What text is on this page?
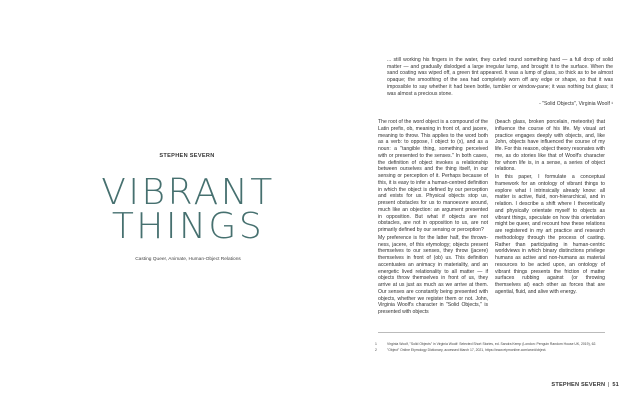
STEPHEN SEVERN
VIBRANT
THINGS
Casting Queer, Animate, Human-Object Relations
... still working his fingers in the water, they curled round something hard — a full drop of solid matter — and gradually dislodged a large irregular lump, and brought it to the surface. When the sand coating was wiped off, a green tint appeared. It was a lump of glass, so thick as to be almost opaque; the smoothing of the sea had completely worn off any edge or shape, so that it was impossible to say whether it had been bottle, tumbler or window-pane; it was nothing but glass; it was almost a precious stone.
- "Solid Objects", Virginia Woolf ¹

The root of the word object is a compound of the Latin prefix, ob, meaning in front of, and jacere, meaning to throw. This applies to the word both as a verb: to oppose, I object to (x), and as a noun: a "tangible thing, something perceived with or presented to the senses." In both cases, the definition of object invokes a relationship between ourselves and the thing itself, in our sensing or perception of it. Perhaps because of this, it is easy to infer a human-centred definition in which the object is defined by our perception and exists for us. Physical objects stop us, present obstacles for us to manoeuvre around, much like an objection: an argument presented in opposition. But what if objects are not obstacles, are not in opposition to us, are not primarily defined by our sensing or perception?

My preference is for the latter half, the thrown-ness, jacere, of this etymology; objects present themselves to our senses, they throw (jacere) themselves in front of (ob) us. This definition accentuates an animacy in materiality, and an energetic lived relationality to all matter — if objects throw themselves in front of us, they arrive at us just as much as we arrive at them. Our senses are constantly being presented with objects, whether we register them or not. John, Virginia Woolf's character in "Solid Objects," is presented with objects

(beach glass, broken porcelain, meteorite) that influence the course of his life. My visual art practice engages deeply with objects, and, like John, objects have influenced the course of my life. For this reason, object theory resonates with me, as do stories like that of Woolf's character for whom life is, in a sense, a series of object relations.

In this paper, I formulate a conceptual framework for an ontology of vibrant things to explore what I intrinsically already know: all matter is active, fluid, non-hierarchical, and in relation. I describe a shift where I theoretically and physically orientate myself to objects as vibrant things, speculate on how this orientation might be queer, and recount how these relations are registered in my art practice and research methodology through the process of casting. Rather than participating in human-centric worldviews in which binary distinctions privilege humans as active and non-humans as material resources to be acted upon, an ontology of vibrant things presents the friction of matter surfaces rubbing against (or throwing themselves at) each other as forces that are agential, fluid, and alive with energy.

1	Virginia Woolf, "Solid Objects" in Virginia Woolf: Selected Short Stories, ed. Sandra Kemp (London: Penguin Random House UK, 2019), 62.
2	"Object" Online Etymology Dictionary, accessed March 17, 2021, https://www.etymonline.com/word/object.
STEPHEN SEVERN | 51
